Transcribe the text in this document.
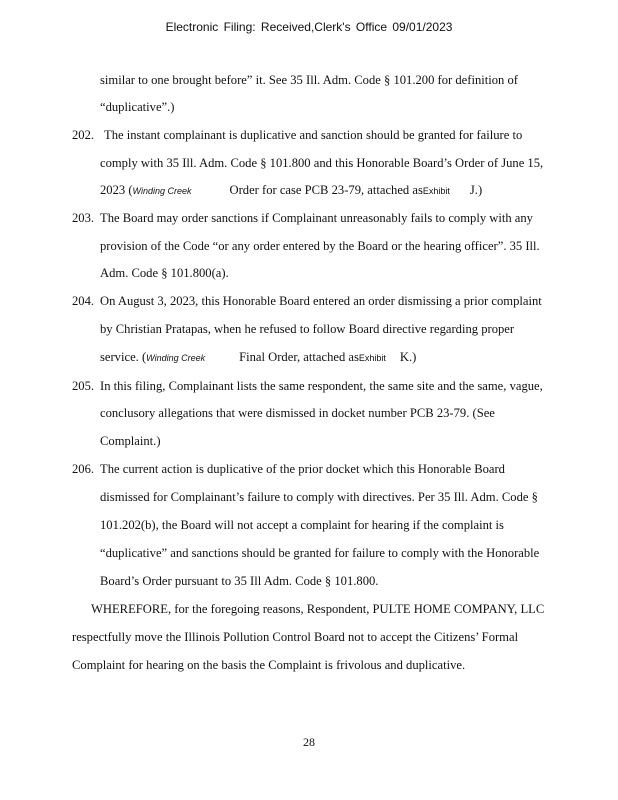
Electronic Filing: Received,Clerk's Office 09/01/2023
similar to one brought before” it. See 35 Ill. Adm. Code § 101.200 for definition of
“duplicative”.)
202. The instant complainant is duplicative and sanction should be granted for failure to
comply with 35 Ill. Adm. Code § 101.800 and this Honorable Board’s Order of June 15,
2023 (Winding Creek	Order for case PCB 23-79, attached asExhibit J.)
203. The Board may order sanctions if Complainant unreasonably fails to comply with any
provision of the Code “or any order entered by the Board or the hearing officer”. 35 Ill.
Adm. Code § 101.800(a).
204. On August 3, 2023, this Honorable Board entered an order dismissing a prior complaint
by Christian Pratapas, when he refused to follow Board directive regarding proper
service. (Winding Creek	Final Order, attached asExhibit K.)
205. In this filing, Complainant lists the same respondent, the same site and the same, vague,
conclusory allegations that were dismissed in docket number PCB 23-79. (See
Complaint.)
206. The current action is duplicative of the prior docket which this Honorable Board
dismissed for Complainant’s failure to comply with directives. Per 35 Ill. Adm. Code §
101.202(b), the Board will not accept a complaint for hearing if the complaint is
“duplicative” and sanctions should be granted for failure to comply with the Honorable
Board’s Order pursuant to 35 Ill Adm. Code § 101.800.
WHEREFORE, for the foregoing reasons, Respondent, PULTE HOME COMPANY, LLC
respectfully move the Illinois Pollution Control Board not to accept the Citizens’ Formal
Complaint for hearing on the basis the Complaint is frivolous and duplicative.
28
